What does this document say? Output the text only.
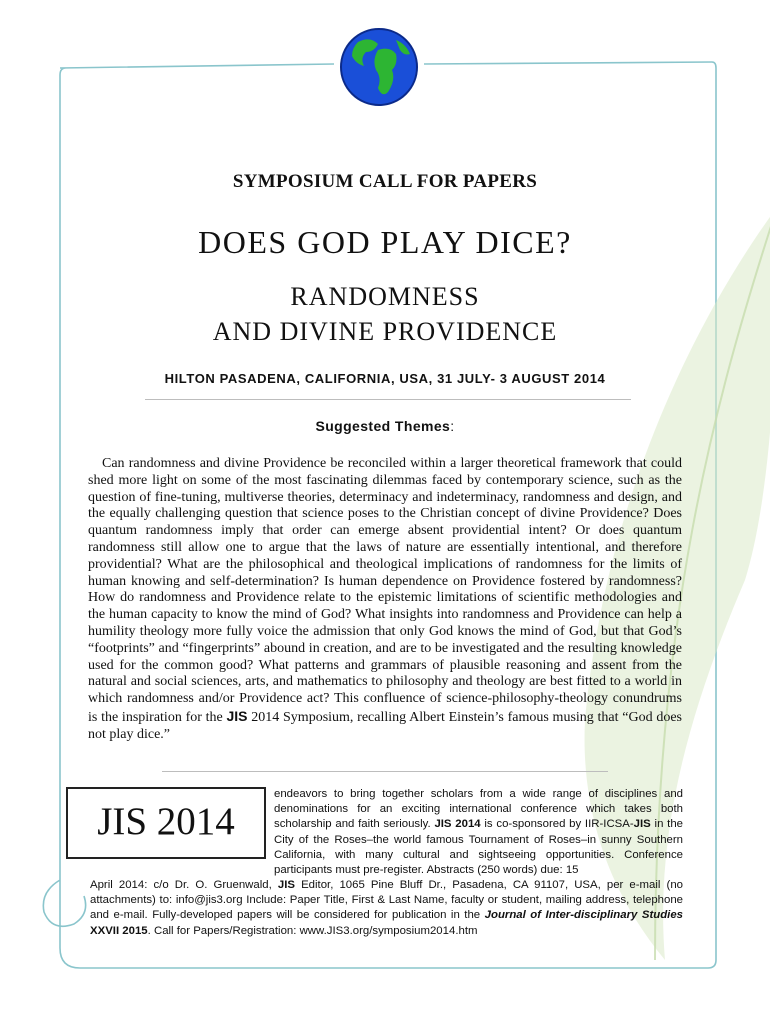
SYMPOSIUM CALL FOR PAPERS
DOES GOD PLAY DICE?
RANDOMNESS
AND DIVINE PROVIDENCE
HILTON PASADENA, CALIFORNIA, USA, 31 JULY- 3 AUGUST 2014
Suggested Themes:
Can randomness and divine Providence be reconciled within a larger theoretical framework that could shed more light on some of the most fascinating dilemmas faced by contemporary science, such as the question of fine-tuning, multiverse theories, determinacy and indeterminacy, randomness and design, and the equally challenging question that science poses to the Christian concept of divine Providence? Does quantum randomness imply that order can emerge absent providential intent? Or does quantum randomness still allow one to argue that the laws of nature are essentially intentional, and therefore providential? What are the philosophical and theological implications of randomness for the limits of human knowing and self-determination? Is human dependence on Providence fostered by randomness? How do randomness and Providence relate to the epistemic limitations of scientific methodologies and the human capacity to know the mind of God? What insights into randomness and Providence can help a humility theology more fully voice the admission that only God knows the mind of God, but that God’s “footprints” and “fingerprints” abound in creation, and are to be investigated and the resulting knowledge used for the common good? What patterns and grammars of plausible reasoning and assent from the natural and social sciences, arts, and mathematics to philosophy and theology are best fitted to a world in which randomness and/or Providence act? This confluence of science-philosophy-theology conundrums is the inspiration for the JIS 2014 Symposium, recalling Albert Einstein’s famous musing that “God does not play dice.”
JIS 2014
endeavors to bring together scholars from a wide range of disciplines and denominations for an exciting international conference which takes both scholarship and faith seriously. JIS 2014 is co-sponsored by IIR-ICSA-JIS in the City of the Roses–the world famous Tournament of Roses–in sunny Southern California, with many cultural and sightseeing opportunities. Conference participants must pre-register. Abstracts (250 words) due: 15
April 2014: c/o Dr. O. Gruenwald, JIS Editor, 1065 Pine Bluff Dr., Pasadena, CA 91107, USA, per e-mail (no attachments) to: info@jis3.org Include: Paper Title, First & Last Name, faculty or student, mailing address, telephone and e-mail. Fully-developed papers will be considered for publication in the Journal of Inter-disciplinary Studies XXVII 2015. Call for Papers/Registration: www.JIS3.org/symposium2014.htm
